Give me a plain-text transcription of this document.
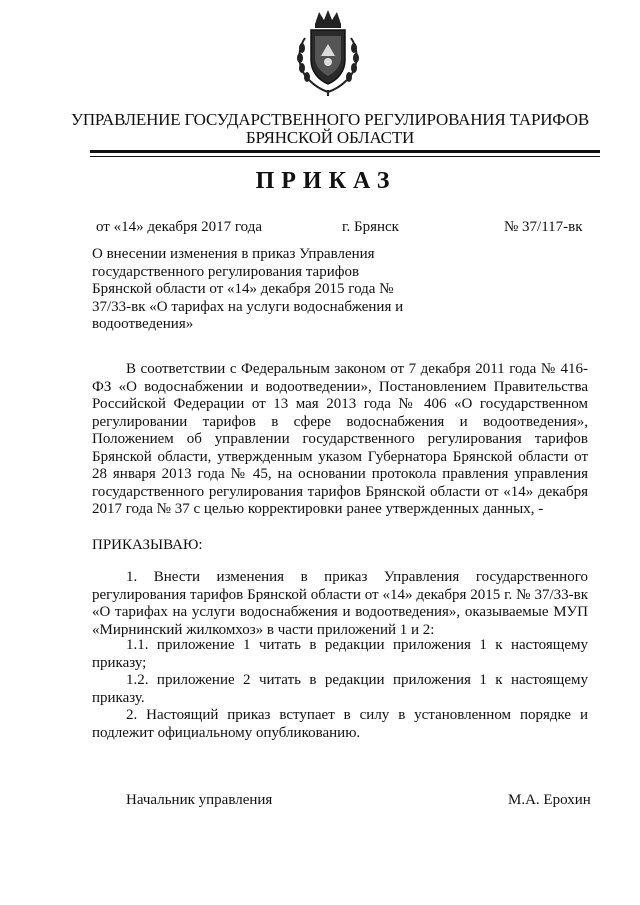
УПРАВЛЕНИЕ ГОСУДАРСТВЕННОГО РЕГУЛИРОВАНИЯ ТАРИФОВ
БРЯНСКОЙ ОБЛАСТИ
ПРИКАЗ
от «14» декабря 2017 года	г. Брянск	№ 37/117-вк
О внесении изменения в приказ Управления государственного регулирования тарифов Брянской области от «14» декабря 2015 года № 37/33-вк «О тарифах на услуги водоснабжения и водоотведения»
В соответствии с Федеральным законом от 7 декабря 2011 года № 416-ФЗ «О водоснабжении и водоотведении», Постановлением Правительства Российской Федерации от 13 мая 2013 года № 406 «О государственном регулировании тарифов в сфере водоснабжения и водоотведения», Положением об управлении государственного регулирования тарифов Брянской области, утвержденным указом Губернатора Брянской области от 28 января 2013 года № 45, на основании протокола правления управления государственного регулирования тарифов Брянской области от «14» декабря 2017 года № 37 с целью корректировки ранее утвержденных данных, -
ПРИКАЗЫВАЮ:
1. Внести изменения в приказ Управления государственного регулирования тарифов Брянской области от «14» декабря 2015 г. № 37/33-вк «О тарифах на услуги водоснабжения и водоотведения», оказываемые МУП «Мирнинский жилкомхоз» в части приложений 1 и 2:
1.1. приложение 1 читать в редакции приложения 1 к настоящему приказу;
1.2. приложение 2 читать в редакции приложения 1 к настоящему приказу.
2. Настоящий приказ вступает в силу в установленном порядке и подлежит официальному опубликованию.
Начальник управления	М.А. Ерохин
